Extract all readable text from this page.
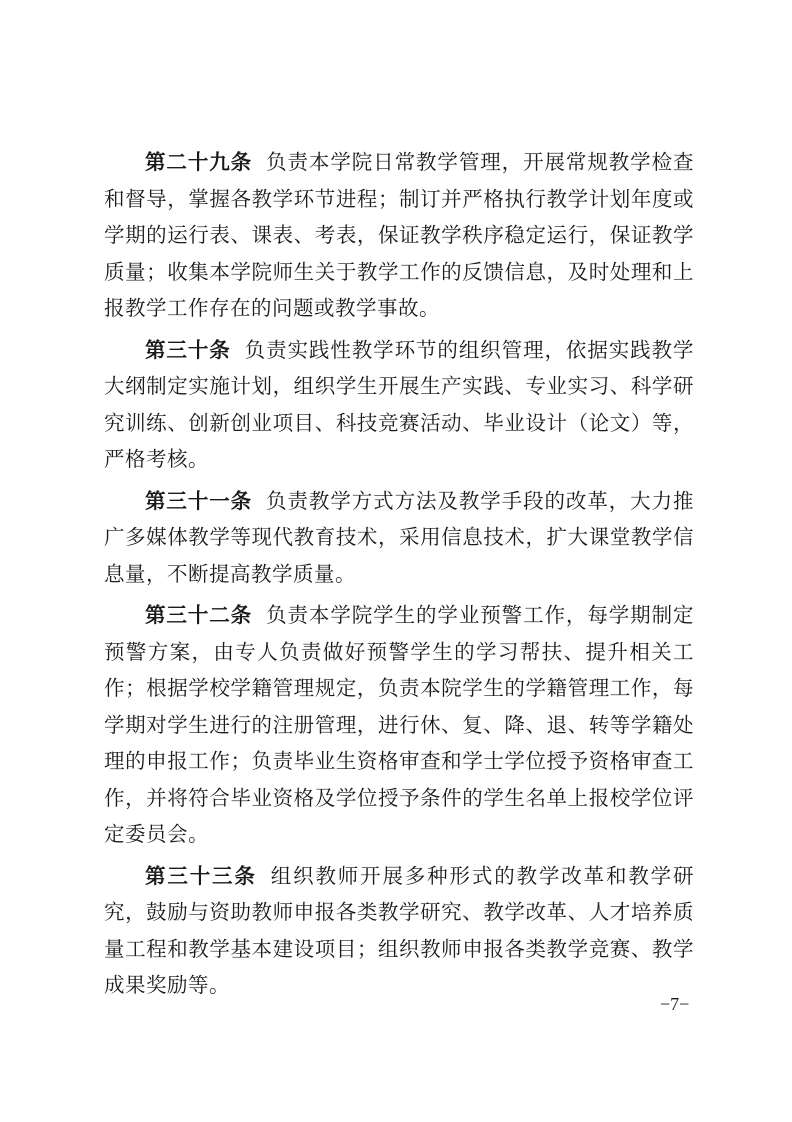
第二十九条 负责本学院日常教学管理，开展常规教学检查和督导，掌握各教学环节进程；制订并严格执行教学计划年度或学期的运行表、课表、考表，保证教学秩序稳定运行，保证教学质量；收集本学院师生关于教学工作的反馈信息，及时处理和上报教学工作存在的问题或教学事故。

第三十条 负责实践性教学环节的组织管理，依据实践教学大纲制定实施计划，组织学生开展生产实践、专业实习、科学研究训练、创新创业项目、科技竞赛活动、毕业设计（论文）等，严格考核。

第三十一条 负责教学方式方法及教学手段的改革，大力推广多媒体教学等现代教育技术，采用信息技术，扩大课堂教学信息量，不断提高教学质量。

第三十二条 负责本学院学生的学业预警工作，每学期制定预警方案，由专人负责做好预警学生的学习帮扶、提升相关工作；根据学校学籍管理规定，负责本院学生的学籍管理工作，每学期对学生进行的注册管理，进行休、复、降、退、转等学籍处理的申报工作；负责毕业生资格审查和学士学位授予资格审查工作，并将符合毕业资格及学位授予条件的学生名单上报校学位评定委员会。

第三十三条 组织教师开展多种形式的教学改革和教学研究，鼓励与资助教师申报各类教学研究、教学改革、人才培养质量工程和教学基本建设项目；组织教师申报各类教学竞赛、教学成果奖励等。

−7−
